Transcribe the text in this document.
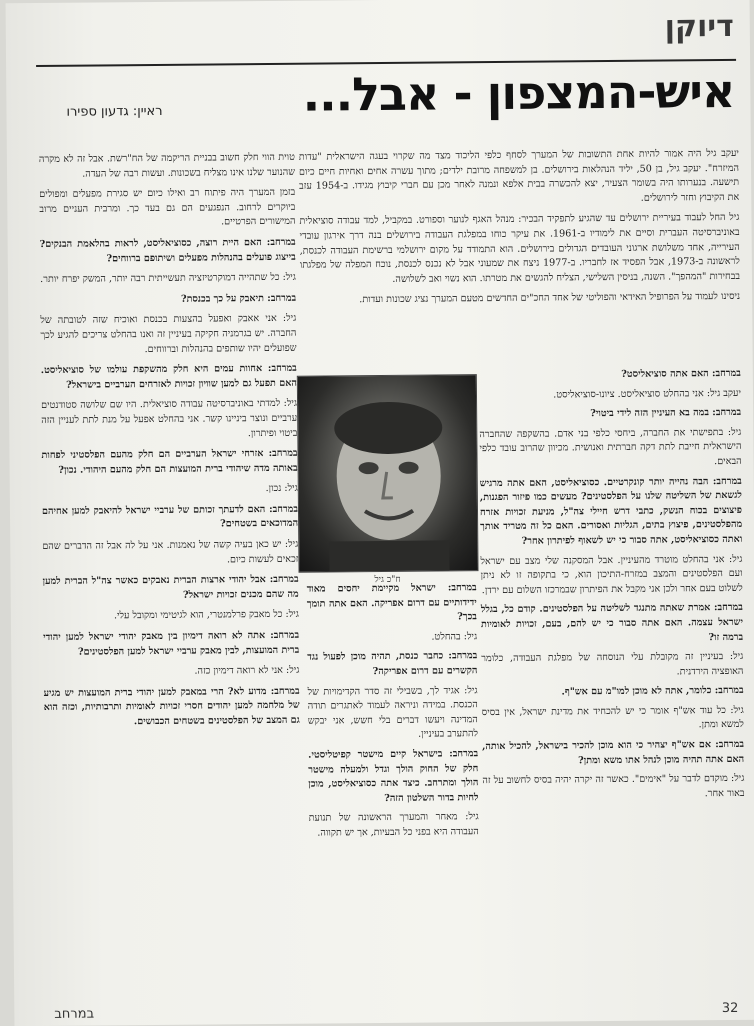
דיוקן
איש-המצפון - אבל...
ראיין: גדעון ספירו

יעקב גיל היה אמור להיות אחת התשובות של המערך לסחף כלפי הליכוד מצד מה שקרוי בעגה הישראלית "עדות המיזרח". יעקב גיל, בן 50, יליד הנהלאות בירושלים. בן למשפחה מרובת ילדים; מתוך עשרה אחים ואחיות חיים כיום תישעה. בנערותו היה בשומר הצעיר, יצא להכשרה בבית אלפא ונמנה לאחר מכן עם חברי קיבוץ מגידו. ב-1954 עזב את הקיבוץ וחזר לירושלים.

גיל החל לעבוד בעיריית ירושלים עד שהגיע לתפקיד הבכיר: מנהל האגף לנוער וספורט. במקביל, למד עבודה סוציאלית באוניברסיטה העברית וסיים את לימודיו ב-1961. את עיקר כוחו במפלגת העבודה בירושלים בנה דרך אירגון עובדי העירייה, אחד משלושת ארגוני העובדים הגדולים בירושלים. הוא התמודד על מקום ירושלמי ברשימת העבודה לכנסת, לראשונה ב-1973, אבל הפסיד אז לחבריו. ב-1977 ניצח את שמעוני אבל לא נכנס לכנסת, נוכח המפלה של מפלגתו בבחירות "המהפך". השנה, בניסין השלישי, הצליח להגשים את מטרתו. הוא נשוי ואב לשלושה.

ניסינו לעמוד על הפרופיל האידאי והפוליטי של אחד החכ"ים החדשים מטעם המערך נציג שכונות ועדות.

ח"כ גיל

במרחב: האם אתה סוציאליסט?

יעקב גיל: אני בהחלט סוציאליסט. ציונו-סוציאליסט.

במרחב: במה בא העיניין הזה לידי ביטוי?

גיל: בתפישתי את החברה, ביחסי כלפי בני אדם. בהשקפה שהחברה הישראלית חייבת לתת דקה חברתית ואנושית. מכיוון שהרוב עובד כלפי הבאים.

במרחב: הבה נהייה יותר קונקרטיים. כסוציאליסט, האם אתה מרגיש לגשאת של השליטה שלנו על הפלסטינים? מעשים כמו פיזור הפגנות, פיצוצים בכוח הנשק, כתבי דרש חיילי צה"ל, מניעת זכויות אזרח מהפלסטינים, פיצוץ בתים, הגליות ואסורים. האם כל זה מטריד אותך ואתה כסוציאליסט, אתה סבור כי יש לשאוף לפיתרון אחר?

גיל: אני בהחלט מוטרד מהעיניין. אבל המסקנה שלי מצב עם ישראל ועם הפלסטינים והמצב במזרח-התיכון הוא, כי בתקופה זו לא ניתן לשלוט בעם אחר ולכן אני מקבל את הפיתרון שבמרכזו השלום עם ירדן.

במרחב: אמרת שאתה מתנגד לשליטה על הפלסטינים. קודם כל, בגלל ישראל עצמה. האם אתה סבור כי יש להם, בעם, זכויות לאומיות ברמה זו?

גיל: בעיניין זה מקובלת עלי הנוסחה של מפלגת העבודה, כלומר האופציה הירדנית.

במרחב: כלומר, אתה לא מוכן למו"מ עם אש"ף.

גיל: כל עוד אש"ף אומר כי יש להכחיד את מדינת ישראל, אין בסיס למשא ומתן.

במרחב: אם אש"ף יצהיר כי הוא מוכן להכיר בישראל, להכיל אותה, האם אתה תהיה מוכן לנהל אתו משא ומתן?

גיל: מוקדם לדבר על "אימים". כאשר זה יקרה יהיה בסיס לחשוב על זה באור אחר.

במרחב: ישראל מקיימת יחסים מאוד ידידותיים עם דרום אפריקה. האם אתה תומך בכך?

גיל: בהחלט.

במרחב: כחבר כנסת, תהיה מוכן לפעול נגד הקשרים עם דרום אפריקה?

גיל: אגיד לך, בשבילי זה סדר הקדימויות של הכנסת. במידה וניראה לעמוד לאתגרים תודה המדינה ויעשו דברים בלי חשש, אני יבקש להתערב בעיניין.

במרחב: בישראל קיים מישטר קפיטליסטי. חלק של החוק הולך וגדל ולמעלה מישטר הולך ומתרחב. כיצד אתה כסוציאליסט, מוכן לחיות בדור השלטון הזה?

גיל: מאחר והמערך הראשונה של תנועת העבודה היא בפני כל הבעיות, אך יש תקווה.

טוית הווי חלק חשוב בבניית הריקמה של הח"רשת. אבל זה לא מקרה שהנוער שלנו אינו מצליח בשכונות. ועשות רבה של העדה.

בזמן המערך היה פיתוח רב ואילו כיום יש סגירת מפעלים ומפולים ביוקרים לרחוב. הנפגעים הם גם בעד כך. ומרבית העניים מרוב המישורים הפרטיים.

במרחב: האם היית רוצה, כסוציאליסט, לראות בהלאמת הבנקים? בייצוג פועלים בהנהלות מפעלים ושיתופם ברווחים?

גיל: כל שתהייה דמוקרטיזציה תעשייתית רבה יותר, המשק יפרח יותר.

במרחב: תיאבק על כך בכנסת?

גיל: אני אאבק ואפעל בהצעות בכנסת ואוכיח שזה לטובתה של החברה. יש בגרמניה חקיקה בעיניין זה ואנו בהחלט צריכים להגיע לכך שפועלים יהיו שותפים בהנהלות וברווחים.

במרחב: אחוות עמים היא חלק מהשקפת עולמו של סוציאליסט. האם תפעל גם למען שוויון זכויות לאזרחים הערביים בישראל?

גיל: למדתי באוניברסיטה עבודה סוציאלית. היו שם שלושה סטודנטים ערביים ונוצר ביניינו קשר. אני בהחלט אפעל על מנת לתת לעניין הזה ביטוי ופיתרון.

במרחב: אזרחי ישראל הערביים הם חלק מהעם הפלסטיני לפחות באותה מדה שיהודי ברית המועצות הם חלק מהעם היהודי. נכון?

גיל: נכון.

במרחב: האם לדעתך זכותם של ערביי ישראל להיאבק למען אחיהם המדוכאים בשטחים?

גיל: יש כאן בעיה קשה של נאמנות. אני על לה אבל זה הדברים שהם זכאים לעשות כיום.

במרחב: אבל יהודי ארצות הברית נאבקים כאשר צה"ל הברית למען מה שהם מכנים זכויות ישראל?

גיל: כל מאבק פרלמנטרי, הוא לגיטימי ומקובל עלי.

במרחב: אתה לא רואה דימיון בין מאבק יהודי ישראל למען יהודי ברית המועצות, לבין מאבק ערביי ישראל למען הפלסטינים?

גיל: אני לא רואה דימיון כזה.

במרחב: מדוע לא? הרי במאבק למען יהודי ברית המועצות יש מגיע של מלחמה למען יהודים חסרי זכויות לאומיות ותרבותיות, וכזה הוא גם המצב של הפלסטינים בשטחים הכבושים.

32
במרחב
